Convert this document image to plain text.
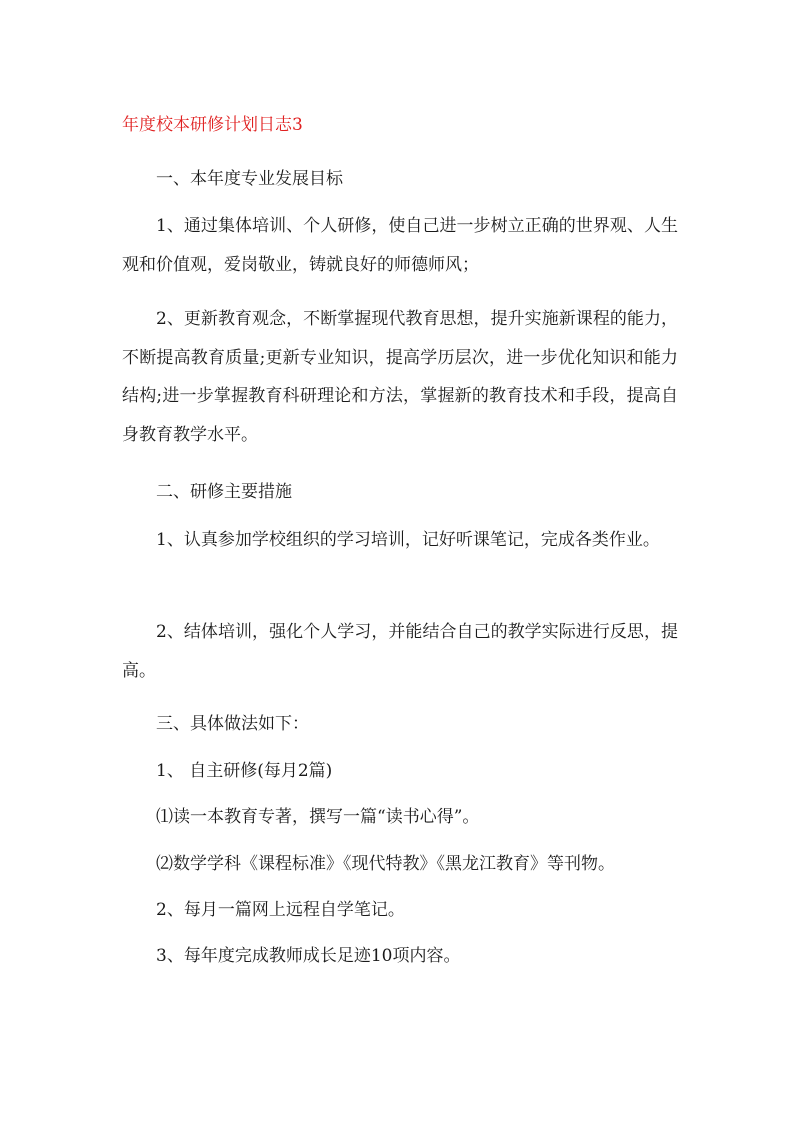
年度校本研修计划日志3

一、本年度专业发展目标

1、通过集体培训、个人研修，使自己进一步树立正确的世界观、人生观和价值观，爱岗敬业，铸就良好的师德师风；

2、更新教育观念，不断掌握现代教育思想，提升实施新课程的能力，不断提高教育质量;更新专业知识，提高学历层次，进一步优化知识和能力结构;进一步掌握教育科研理论和方法，掌握新的教育技术和手段，提高自身教育教学水平。

二、研修主要措施

1、认真参加学校组织的学习培训，记好听课笔记，完成各类作业。

2、结体培训，强化个人学习，并能结合自己的教学实际进行反思，提高。

三、具体做法如下：

1、 自主研修(每月2篇)

⑴读一本教育专著，撰写一篇“读书心得”。

⑵数学学科《课程标准》《现代特教》《黑龙江教育》等刊物。

2、每月一篇网上远程自学笔记。

3、每年度完成教师成长足迹10项内容。
